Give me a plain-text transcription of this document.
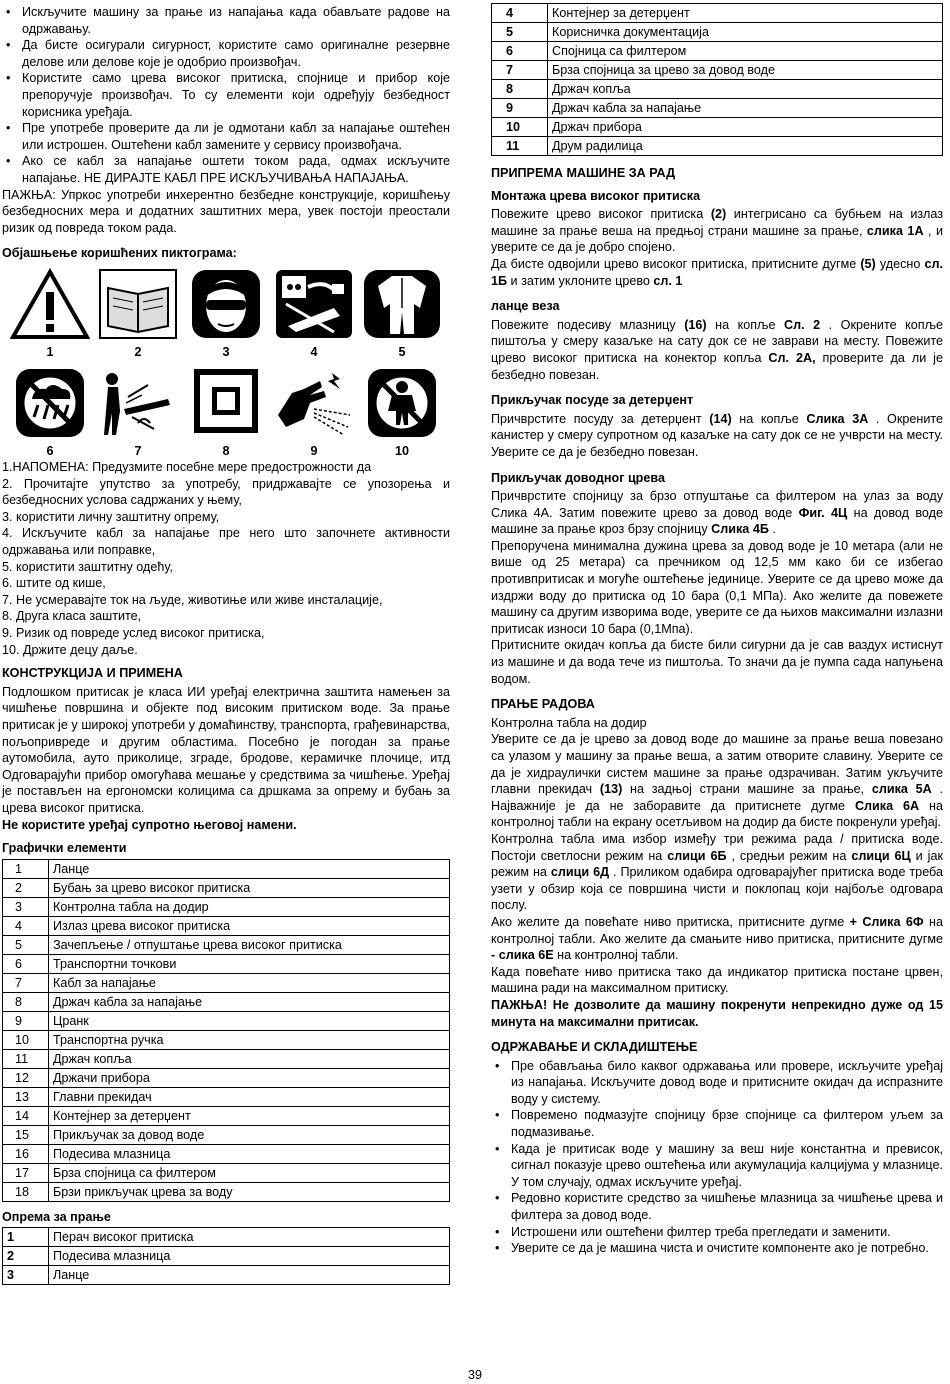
• Искључите машину за прање из напајања када обављате радове на одржавању.
• Да бисте осигурали сигурност, користите само оригиналне резервне делове или делове које је одобрио произвођач.
• Користите само црева високог притиска, спојнице и прибор које препоручује произвођач. То су елементи који одређују безбедност корисника уређаја.
• Пре употребе проверите да ли је одмотани кабл за напајање оштећен или истрошен. Оштећени кабл замените у сервису произвођача.
• Ако се кабл за напајање оштети током рада, одмах искључите напајање. НЕ ДИРАЈТЕ КАБЛ ПРЕ ИСКЉУЧИВАЊА НАПАЈАЊА.

ПАЖЊА: Упркос употреби инхерентно безбедне конструкције, коришћењу безбедносних мера и додатних заштитних мера, увек постоји преостали ризик од повреда током рада.

Објашњење коришћених пиктограма:
1	2	3	4	5
6	7	8	9	10
1.НАПОМЕНА: Предузмите посебне мере предострожности да
2. Прочитајте упутство за употребу, придржавајте се упозорења и безбедносних услова садржаних у њему,
3. користити личну заштитну опрему,
4. Искључите кабл за напајање пре него што започнете активности одржавања или поправке,
5. користити заштитну одећу,
6. штите од кише,
7. Не усмеравајте ток на људе, животиње или живе инсталације,
8. Друга класа заштите,
9. Ризик од повреде услед високог притиска,
10. Држите децу даље.
КОНСТРУКЦИЈА И ПРИМЕНА

Подлошком притисак је класа ИИ уређај електрична заштита намењен за чишћење површина и објекте под високим притиском воде. За прање притисак је у широкој употреби у домаћинству, транспорта, грађевинарства, пољопривреде и другим областима. Посебно је погодан за прање аутомобила, ауто приколице, зграде, бродове, керамичке плочице, итд Одговарајући прибор омогућава мешање у средствима за чишћење. Уређај је постављен на ергономски колицима са дршкама за опрему и бубањ за црева високог притиска.

Не користите уређај супротно његовој намени.

Графички елементи
1	Ланце
2	Бубањ за црево високог притиска
3	Контролна табла на додир
4	Излаз црева високог притиска
5	Зачепљење / отпуштање црева високог притиска
6	Транспортни точкови
7	Кабл за напајање
8	Држач кабла за напајање
9	Цранк
10	Транспортна ручка
11	Држач копља
12	Држачи прибора
13	Главни прекидач
14	Контејнер за детерџент
15	Прикључак за довод воде
16	Подесива млазница
17	Брза спојница са филтером
18	Брзи прикључак црева за воду
Опрема за прање
1	Перач високог притиска
2	Подесива млазница
3	Ланце
4	Контејнер за детерџент
5	Корисничка документација
6	Спојница са филтером
7	Брза спојница за црево за довод воде
8	Држач копља
9	Држач кабла за напајање
10	Држач прибора
11	Друм радилица
ПРИПРЕМА МАШИНЕ ЗА РАД
Монтажа црева високог притиска

Повежите црево високог притиска (2) интегрисано са бубњем на излаз машине за прање веша на предњој страни машине за прање, слика 1А , и уверите се да је добро спојено.

Да бисте одвојили црево високог притиска, притисните дугме (5) удесно сл. 1Б и затим уклоните црево сл. 1

ланце веза

Повежите подесиву млазницу (16) на копље Сл. 2 . Окрените копље пиштоља у смеру казаљке на сату док се не заврави на месту. Повежите црево високог притиска на конектор копља Сл. 2А, проверите да ли је безбедно повезан.

Прикључак посуде за детерџент

Причврстите посуду за детерџент (14) на копље Слика 3А . Окрените канистер у смеру супротном од казаљке на сату док се не учврсти на месту. Уверите се да је безбедно повезан.

Прикључак доводног црева

Причврстите спојницу за брзо отпуштање са филтером на улаз за воду Слика 4А. Затим повежите црево за довод воде Фиг. 4Ц на довод воде машине за прање кроз брзу спојницу Слика 4Б .

Препоручена минимална дужина црева за довод воде је 10 метара (али не више од 25 метара) са пречником од 12,5 мм како би се избегао противпритисак и могуће оштећење јединице. Уверите се да црево може да издржи воду до притиска од 10 бара (0,1 МПа). Ако желите да повежете машину са другим изворима воде, уверите се да њихов максимални излазни притисак износи 10 бара (0,1Мпа).

Притисните окидач копља да бисте били сигурни да је сав ваздух истиснут из машине и да вода тече из пиштоља. То значи да је пумпа сада напуњена водом.

ПРАЊЕ РАДОВА

Контролна табла на додир

Уверите се да је црево за довод воде до машине за прање веша повезано са улазом у машину за прање веша, а затим отворите славину. Уверите се да је хидраулички систем машине за прање одзрачиван. Затим укључите главни прекидач (13) на задњој страни машине за прање, слика 5А . Најважније је да не заборавите да притиснете дугме Слика 6А на контролној табли на екрану осетљивом на додир да бисте покренули уређај.

Контролна табла има избор између три режима рада / притиска воде. Постоји светлосни режим на слици 6Б , средњи режим на слици 6Ц и јак режим на слици 6Д . Приликом одабира одговарајућег притиска воде треба узети у обзир која се површина чисти и поклопац који најбоље одговара послу.

Ако желите да повећате ниво притиска, притисните дугме + Слика 6Ф на контролној табли. Ако желите да смањите ниво притиска, притисните дугме - слика 6Е на контролној табли.

Када повећате ниво притиска тако да индикатор притиска постане црвен, машина ради на максималном притиску.

ПАЖЊА! Не дозволите да машину покренути непрекидно дуже од 15 минута на максимални притисак.

ОДРЖАВАЊЕ И СКЛАДИШТЕЊЕ
• Пре обављања било каквог одржавања или провере, искључите уређај из напајања. Искључите довод воде и притисните окидач да испразните воду у систему.
• Повремено подмазујте спојницу брзе спојнице са филтером уљем за подмазивање.
• Када је притисак воде у машину за веш није константна и превисок, сигнал показује црево оштећења или акумулација калцијума у млазнице. У том случају, одмах искључите уређај.
• Редовно користите средство за чишћење млазница за чишћење црева и филтера за довод воде.
• Истрошени или оштећени филтер треба прегледати и заменити.
• Уверите се да је машина чиста и очистите компоненте ако је потребно.
39
